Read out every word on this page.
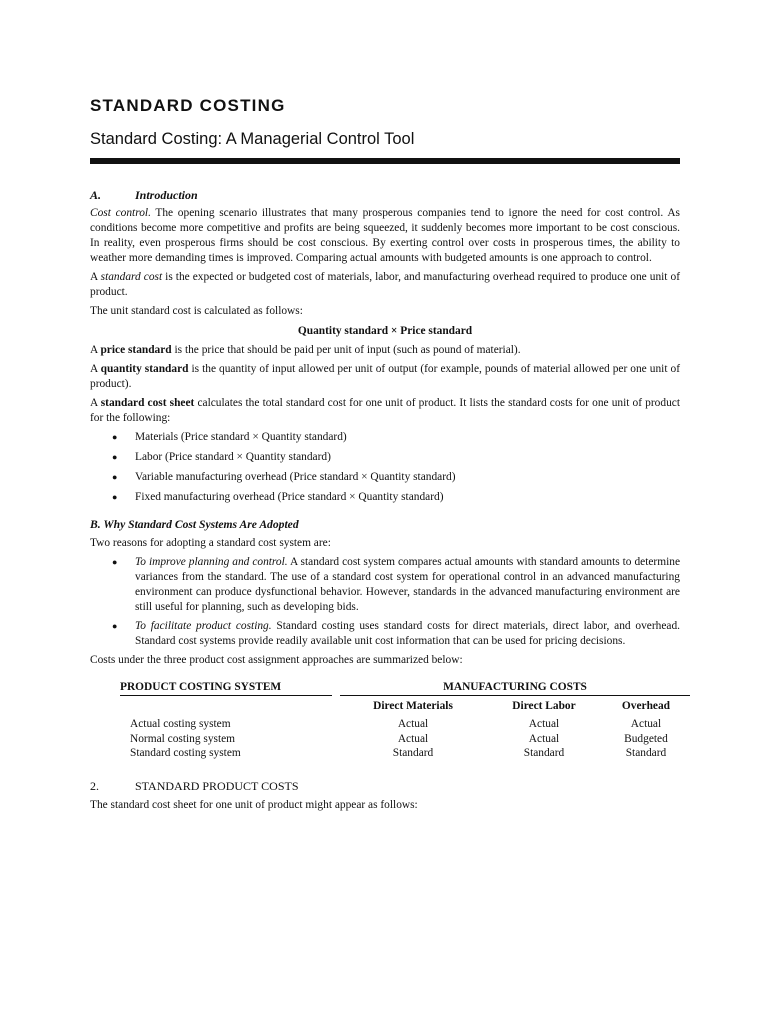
STANDARD COSTING
Standard Costing: A Managerial Control Tool
A.	Introduction

Cost control. The opening scenario illustrates that many prosperous companies tend to ignore the need for cost control. As conditions become more competitive and profits are being squeezed, it suddenly becomes more important to be cost conscious. In reality, even prosperous firms should be cost conscious. By exerting control over costs in prosperous times, the ability to weather more demanding times is improved. Comparing actual amounts with budgeted amounts is one approach to control.

A standard cost is the expected or budgeted cost of materials, labor, and manufacturing overhead required to produce one unit of product.

The unit standard cost is calculated as follows:

Quantity standard × Price standard

A price standard is the price that should be paid per unit of input (such as pound of material).

A quantity standard is the quantity of input allowed per unit of output (for example, pounds of material allowed per one unit of product).

A standard cost sheet calculates the total standard cost for one unit of product. It lists the standard costs for one unit of product for the following:

●	Materials (Price standard × Quantity standard)
●	Labor (Price standard × Quantity standard)
●	Variable manufacturing overhead (Price standard × Quantity standard)
●	Fixed manufacturing overhead (Price standard × Quantity standard)
B. Why Standard Cost Systems Are Adopted

Two reasons for adopting a standard cost system are:

●	To improve planning and control. A standard cost system compares actual amounts with standard amounts to determine variances from the standard. The use of a standard cost system for operational control in an advanced manufacturing environment can produce dysfunctional behavior. However, standards in the advanced manufacturing environment are still useful for planning, such as developing bids.
●	To facilitate product costing. Standard costing uses standard costs for direct materials, direct labor, and overhead. Standard cost systems provide readily available unit cost information that can be used for pricing decisions.

Costs under the three product cost assignment approaches are summarized below:

PRODUCT COSTING SYSTEM		MANUFACTURING COSTS		
		Direct Materials	Direct Labor	Overhead
Actual costing system		Actual	Actual	Actual
Normal costing system		Actual	Actual	Budgeted
Standard costing system		Standard	Standard	Standard
2.	STANDARD PRODUCT COSTS

The standard cost sheet for one unit of product might appear as follows:
